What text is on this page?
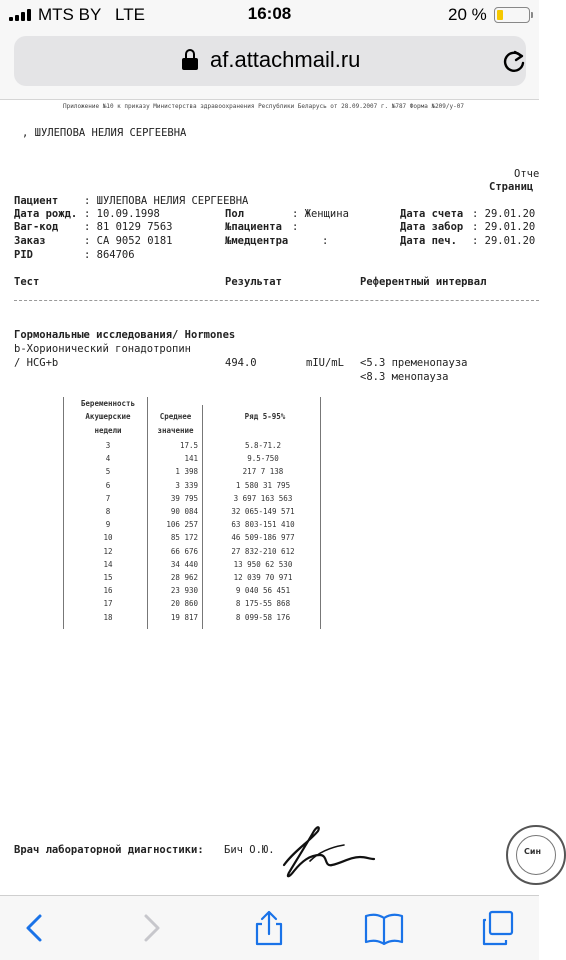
MTS BY LTE	16:08	20 %
af.attachmail.ru
Приложение №10 к приказу Министерства здравоохранения Республики Беларусь от 28.09.2007 г. №787 Форма №209/у-07
, ШУЛЕПОВА НЕЛИЯ СЕРГЕЕВНА
Отче
Страниц
Пациент : ШУЛЕПОВА НЕЛИЯ СЕРГЕЕВНА
Дата рожд. : 10.09.1998	Пол	: Женщина	Дата счета : 29.01.20
Ваг-код : 81 0129 7563	№пациента :	Дата забор : 29.01.20
Заказ	: CA 9052 0181	№медцентра	:	Дата печ. : 29.01.20
PID	: 864706
Тест	Результат	Референтный интервал
Гормональные исследования/ Hormones
b-Хорионический гонадотропин
/ HCG+b	494.0	mIU/mL <5.3 пременопауза
<8.3 менопауза
Беременность
Акушерские
недели
Среднее
значение
Ряд 5-95%
3	17.5	5.8-71.2
4	141	9.5-750
5	1 398	217 7 138
6	3 339	1 580 31 795
7	39 795	3 697 163 563
8	90 084	32 065-149 571
9	106 257	63 803-151 410
10	85 172	46 509-186 977
12	66 676	27 832-210 612
14	34 440	13 950 62 530
15	28 962	12 039 70 971
16	23 930	9 040 56 451
17	20 860	8 175-55 868
18	19 817	8 099-58 176
Врач лабораторной диагностики: Бич О.Ю.	Син
